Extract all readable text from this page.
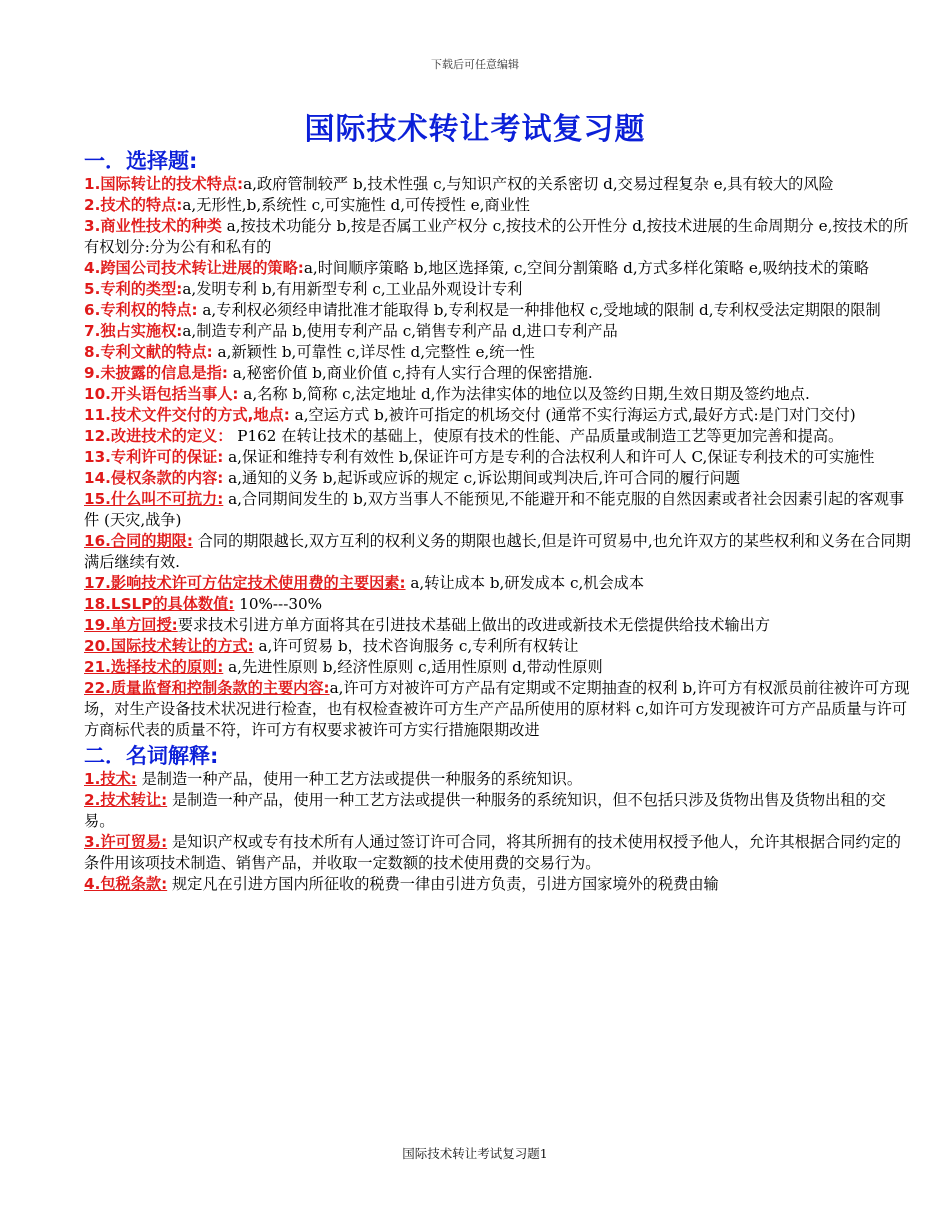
下载后可任意编辑
国际技术转让考试复习题
一．选择题:

1.国际转让的技术特点:a,政府管制较严 b,技术性强 c,与知识产权的关系密切 d,交易过程复杂 e,具有较大的风险

2.技术的特点:a,无形性,b,系统性 c,可实施性 d,可传授性 e,商业性

3.商业性技术的种类 a,按技术功能分 b,按是否属工业产权分 c,按技术的公开性分 d,按技术进展的生命周期分 e,按技术的所有权划分:分为公有和私有的

4.跨国公司技术转让进展的策略:a,时间顺序策略 b,地区选择策, c,空间分割策略 d,方式多样化策略 e,吸纳技术的策略

5.专利的类型:a,发明专利 b,有用新型专利 c,工业品外观设计专利

6.专利权的特点: a,专利权必须经申请批准才能取得 b,专利权是一种排他权 c,受地域的限制 d,专利权受法定期限的限制

7.独占实施权:a,制造专利产品 b,使用专利产品 c,销售专利产品 d,进口专利产品

8.专利文献的特点: a,新颖性 b,可靠性 c,详尽性 d,完整性 e,统一性

9.未披露的信息是指: a,秘密价值 b,商业价值 c,持有人实行合理的保密措施.

10.开头语包括当事人: a,名称 b,简称 c,法定地址 d,作为法律实体的地位以及签约日期,生效日期及签约地点.

11.技术文件交付的方式,地点: a,空运方式 b,被许可指定的机场交付 (通常不实行海运方式,最好方式:是门对门交付)

12.改进技术的定义： P162 在转让技术的基础上，使原有技术的性能、产品质量或制造工艺等更加完善和提高。

13.专利许可的保证: a,保证和维持专利有效性 b,保证许可方是专利的合法权利人和许可人 C,保证专利技术的可实施性

14.侵权条款的内容: a,通知的义务 b,起诉或应诉的规定 c,诉讼期间或判决后,许可合同的履行问题

15.什么叫不可抗力: a,合同期间发生的 b,双方当事人不能预见,不能避开和不能克服的自然因素或者社会因素引起的客观事件 (天灾,战争)

16.合同的期限: 合同的期限越长,双方互利的权利义务的期限也越长,但是许可贸易中,也允许双方的某些权利和义务在合同期满后继续有效.

17.影响技术许可方估定技术使用费的主要因素: a,转让成本 b,研发成本 c,机会成本

18.LSLP的具体数值: 10%---30%

19.单方回授:要求技术引进方单方面将其在引进技术基础上做出的改进或新技术无偿提供给技术输出方

20.国际技术转让的方式: a,许可贸易 b，技术咨询服务 c,专利所有权转让

21.选择技术的原则: a,先进性原则 b,经济性原则 c,适用性原则 d,带动性原则

22.质量监督和控制条款的主要内容:a,许可方对被许可方产品有定期或不定期抽查的权利 b,许可方有权派员前往被许可方现场，对生产设备技术状况进行检查，也有权检查被许可方生产产品所使用的原材料 c,如许可方发现被许可方产品质量与许可方商标代表的质量不符，许可方有权要求被许可方实行措施限期改进

二．名词解释:

1.技术: 是制造一种产品，使用一种工艺方法或提供一种服务的系统知识。

2.技术转让: 是制造一种产品，使用一种工艺方法或提供一种服务的系统知识，但不包括只涉及货物出售及货物出租的交易。

3.许可贸易: 是知识产权或专有技术所有人通过签订许可合同，将其所拥有的技术使用权授予他人，允许其根据合同约定的条件用该项技术制造、销售产品，并收取一定数额的技术使用费的交易行为。

4.包税条款: 规定凡在引进方国内所征收的税费一律由引进方负责，引进方国家境外的税费由输

国际技术转让考试复习题1
